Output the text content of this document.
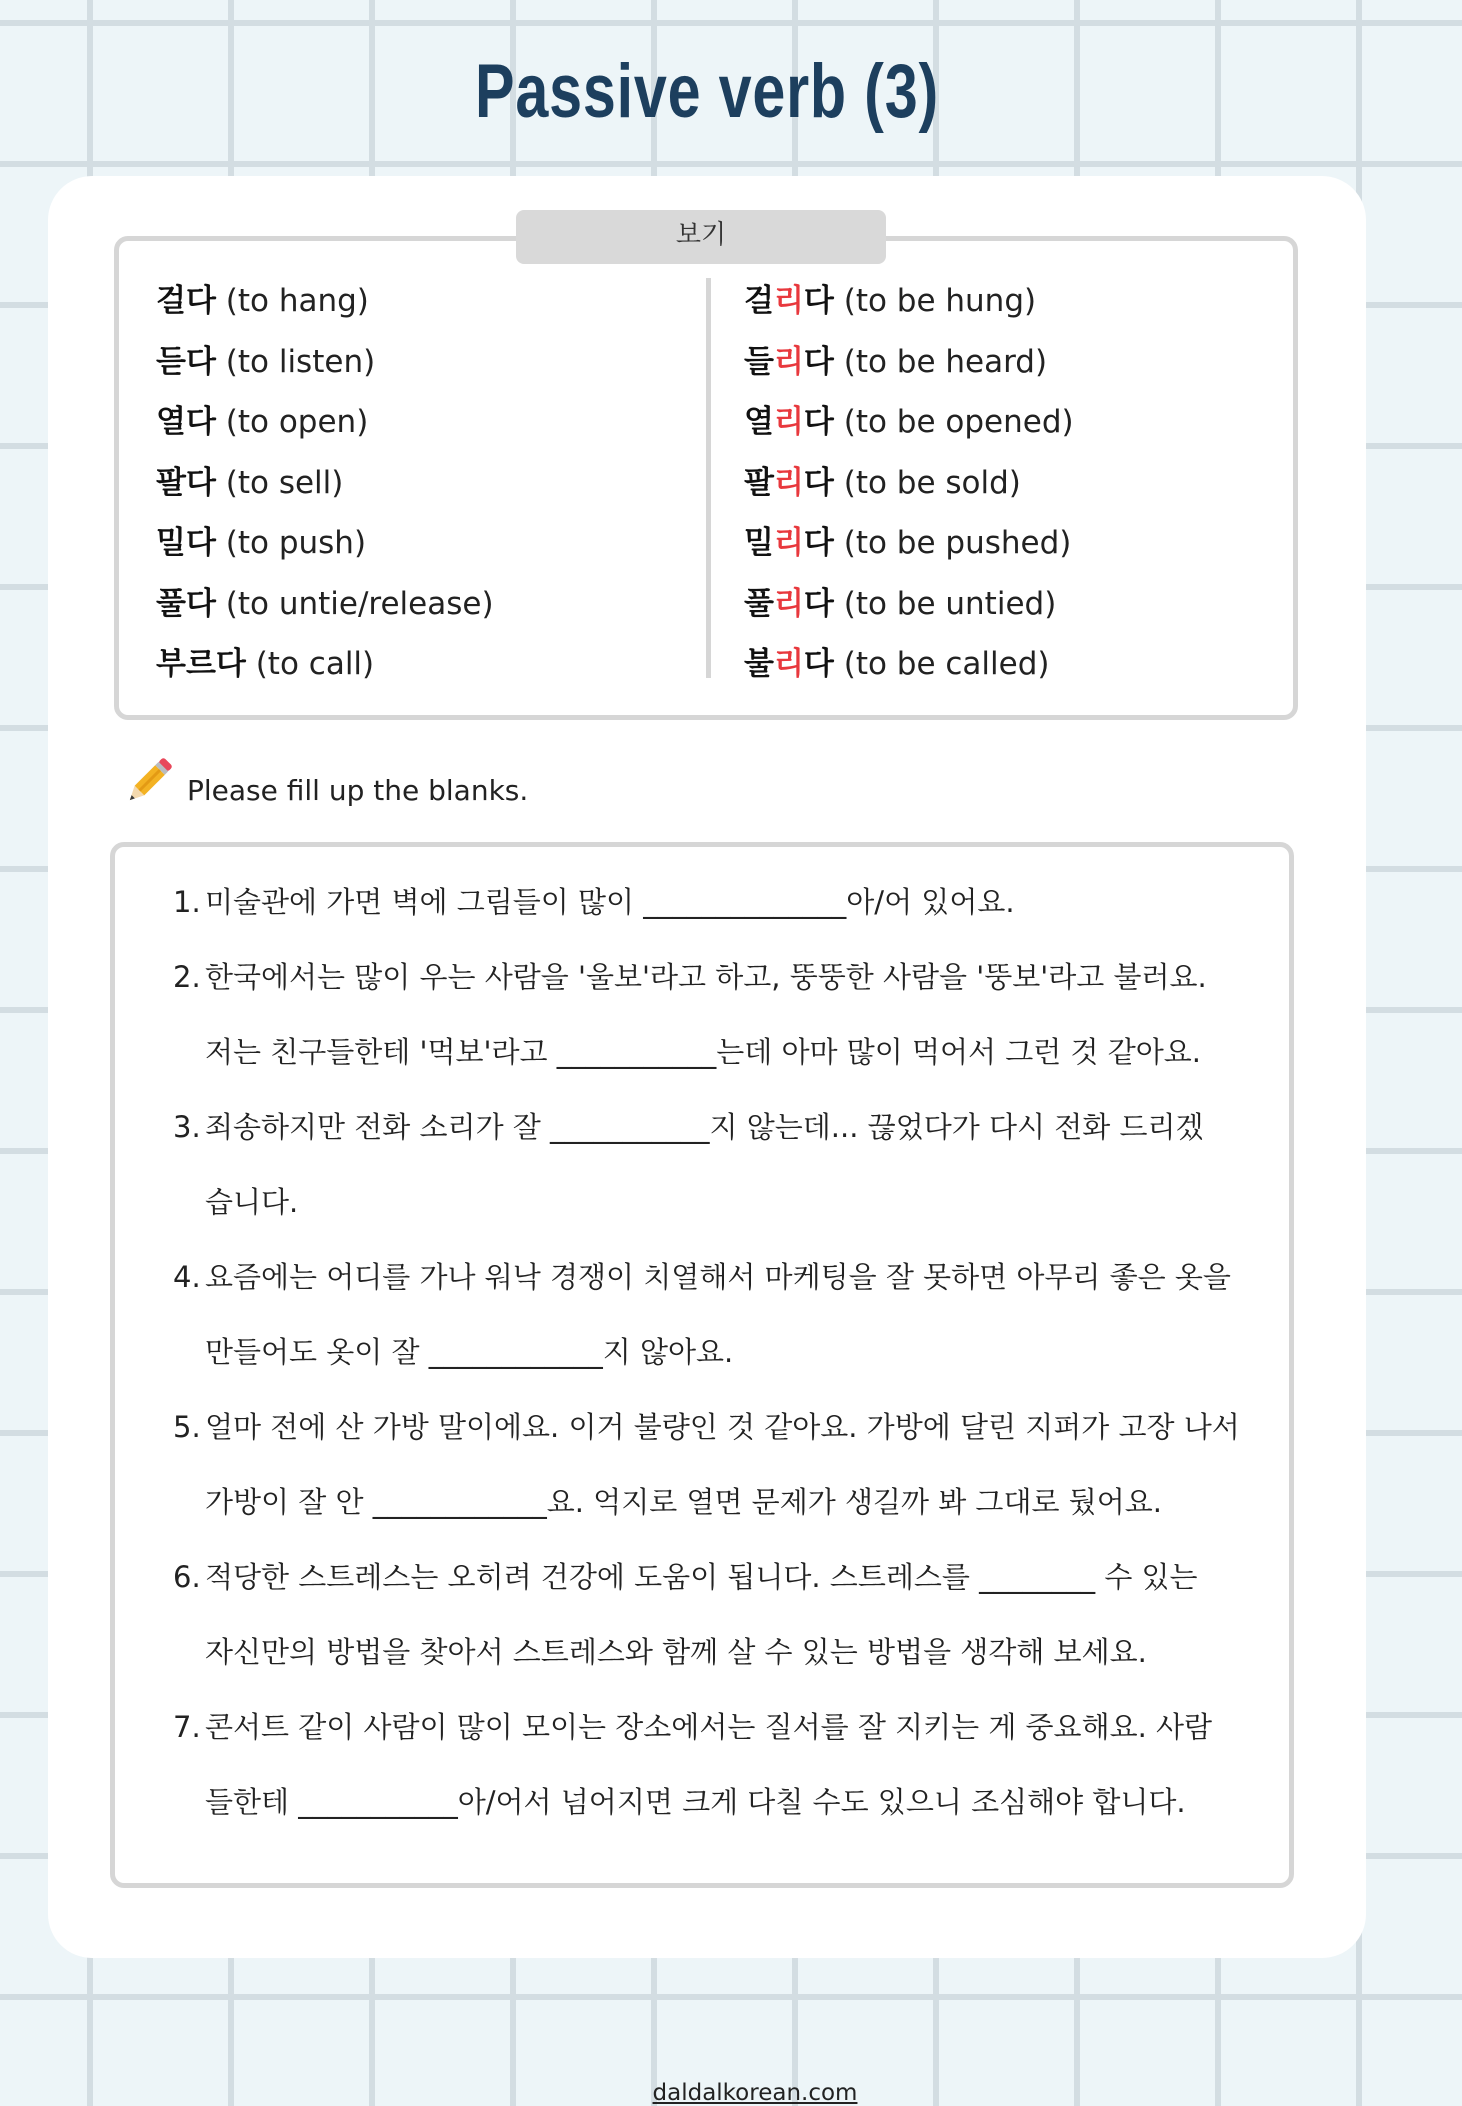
Passive verb (3)
보기
걸다 (to hang)
듣다 (to listen)
열다 (to open)
팔다 (to sell)
밀다 (to push)
풀다 (to untie/release)
부르다 (to call)
걸리다 (to be hung)
들리다 (to be heard)
열리다 (to be opened)
팔리다 (to be sold)
밀리다 (to be pushed)
풀리다 (to be untied)
불리다 (to be called)
Please fill up the blanks.
1. 미술관에 가면 벽에 그림들이 많이 ______________아/어 있어요.
2. 한국에서는 많이 우는 사람을 '울보'라고 하고, 뚱뚱한 사람을 '뚱보'라고 불러요.
저는 친구들한테 '먹보'라고 ___________는데 아마 많이 먹어서 그런 것 같아요.
3. 죄송하지만 전화 소리가 잘 ___________지 않는데... 끊었다가 다시 전화 드리겠
습니다.
4. 요즘에는 어디를 가나 워낙 경쟁이 치열해서 마케팅을 잘 못하면 아무리 좋은 옷을
만들어도 옷이 잘 ____________지 않아요.
5. 얼마 전에 산 가방 말이에요. 이거 불량인 것 같아요. 가방에 달린 지퍼가 고장 나서
가방이 잘 안 ____________요. 억지로 열면 문제가 생길까 봐 그대로 뒀어요.
6. 적당한 스트레스는 오히려 건강에 도움이 됩니다. 스트레스를 ________ 수 있는
자신만의 방법을 찾아서 스트레스와 함께 살 수 있는 방법을 생각해 보세요.
7. 콘서트 같이 사람이 많이 모이는 장소에서는 질서를 잘 지키는 게 중요해요. 사람
들한테 ___________아/어서 넘어지면 크게 다칠 수도 있으니 조심해야 합니다.
daldalkorean.com
